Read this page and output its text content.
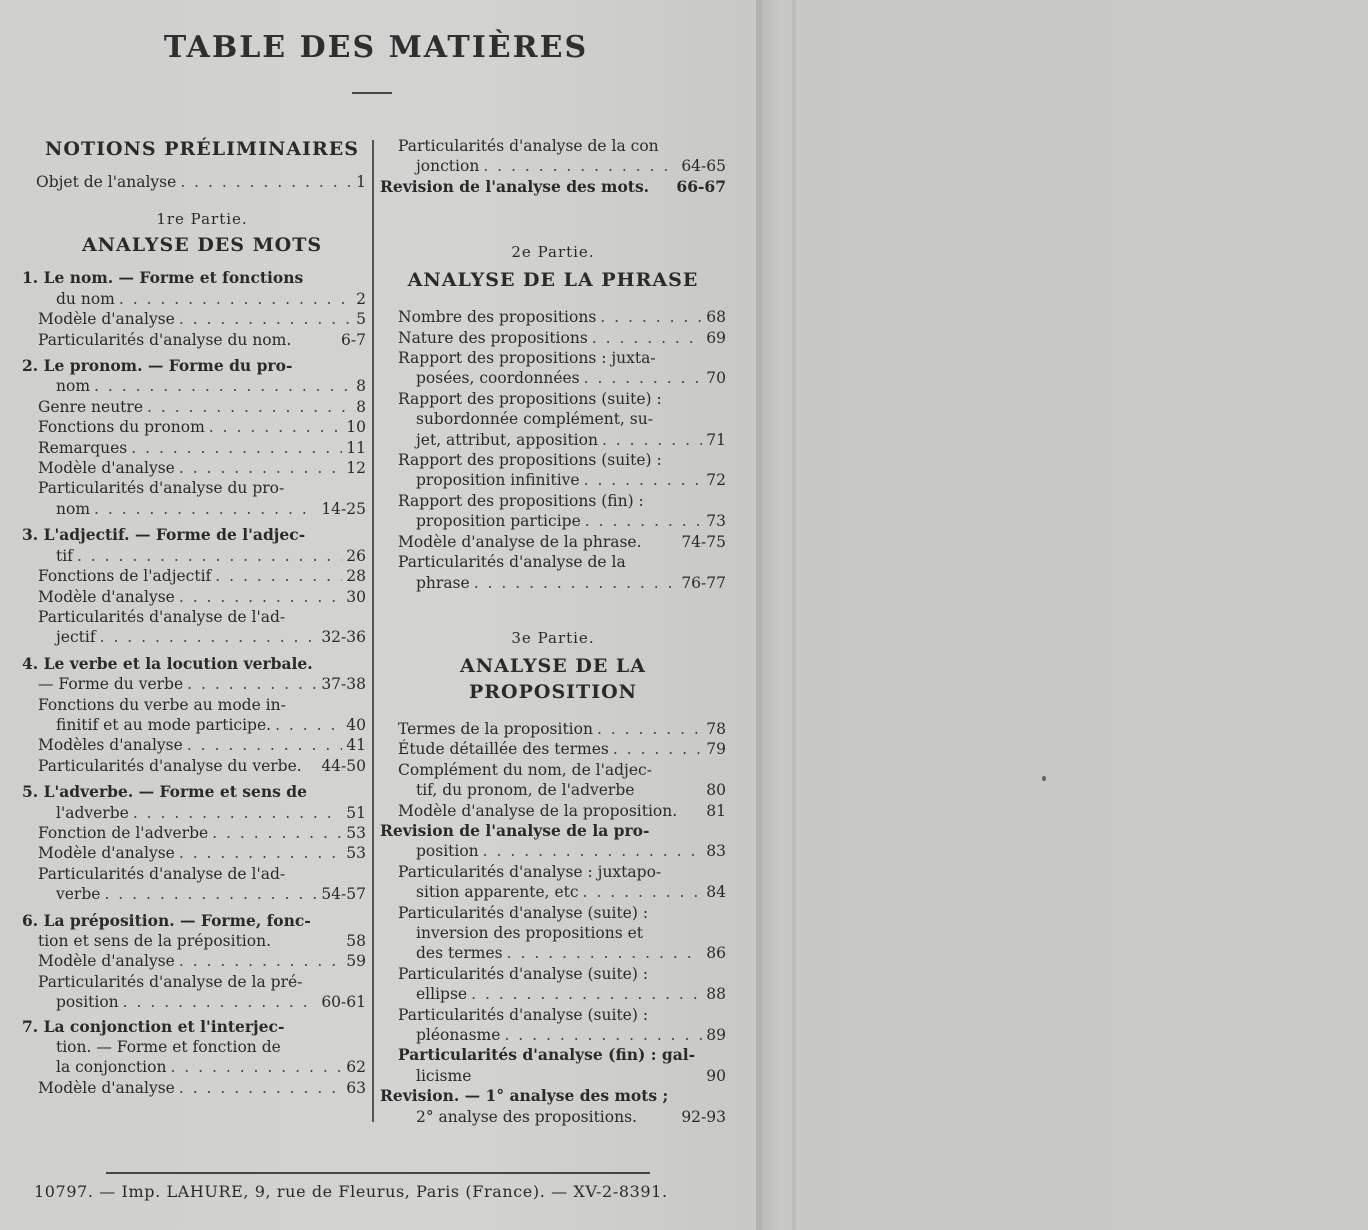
TABLE DES MATIÈRES
NOTIONS PRÉLIMINAIRES
Objet de l'analyse . . .	1
1re Partie.
ANALYSE DES MOTS
1. Le nom. — Forme et fonctions
du nom . . .	2
Modèle d'analyse . . .	5
Particularités d'analyse du nom.	6-7
2. Le pronom. — Forme du pro-
nom . . .	8
Genre neutre . . .	8
Fonctions du pronom . . .	10
Remarques . . .	11
Modèle d'analyse . . .	12
Particularités d'analyse du pro-
nom . . .	14-25
3. L'adjectif. — Forme de l'adjec-
tif . . .	26
Fonctions de l'adjectif . . .	28
Modèle d'analyse . . .	30
Particularités d'analyse de l'ad-
jectif . . .	32-36
4. Le verbe et la locution verbale.
— Forme du verbe . . .	37-38
Fonctions du verbe au mode in-
finitif et au mode participe. . . .	40
Modèles d'analyse . . .	41
Particularités d'analyse du verbe. 44-50
5. L'adverbe. — Forme et sens de
l'adverbe . . .	51
Fonction de l'adverbe . . .	53
Modèle d'analyse . . .	53
Particularités d'analyse de l'ad-
verbe . . .	54-57
6. La préposition. — Forme, fonc-
tion et sens de la préposition.	58
Modèle d'analyse . . .	59
Particularités d'analyse de la pré-
position . . .	60-61
7. La conjonction et l'interjec-
tion. — Forme et fonction de
la conjonction . . .	62
Modèle d'analyse . . .	63
Particularités d'analyse de la con
jonction . . .	64-65
Revision de l'analyse des mots. 66-67
2e Partie.
ANALYSE DE LA PHRASE
Nombre des propositions . . .	68
Nature des propositions . . .	69
Rapport des propositions : juxta-
posées, coordonnées . . .	70
Rapport des propositions (suite) :
subordonnée complément, su-
jet, attribut, apposition . . .	71
Rapport des propositions (suite) :
proposition infinitive . . .	72
Rapport des propositions (fin) :
proposition participe . . .	73
Modèle d'analyse de la phrase.	74-75
Particularités d'analyse de la
phrase . . .	76-77
3e Partie.
ANALYSE DE LA PROPOSITION
Termes de la proposition . . .	78
Étude détaillée des termes . . .	79
Complément du nom, de l'adjec-
tif, du pronom, de l'adverbe	80
Modèle d'analyse de la proposition. 81
Revision de l'analyse de la pro-
position . . .	83
Particularités d'analyse : juxtapo-
sition apparente, etc . . .	84
Particularités d'analyse (suite) :
inversion des propositions et
des termes . . .	86
Particularités d'analyse (suite) :
ellipse . . .	88
Particularités d'analyse (suite) :
pléonasme . . .	89
Particularités d'analyse (fin) : gal-
licisme	90
Revision. — 1° analyse des mots ;
2° analyse des propositions.	92-93
10797. — Imp. LAHURE, 9, rue de Fleurus, Paris (France). — XV-2-8391.
